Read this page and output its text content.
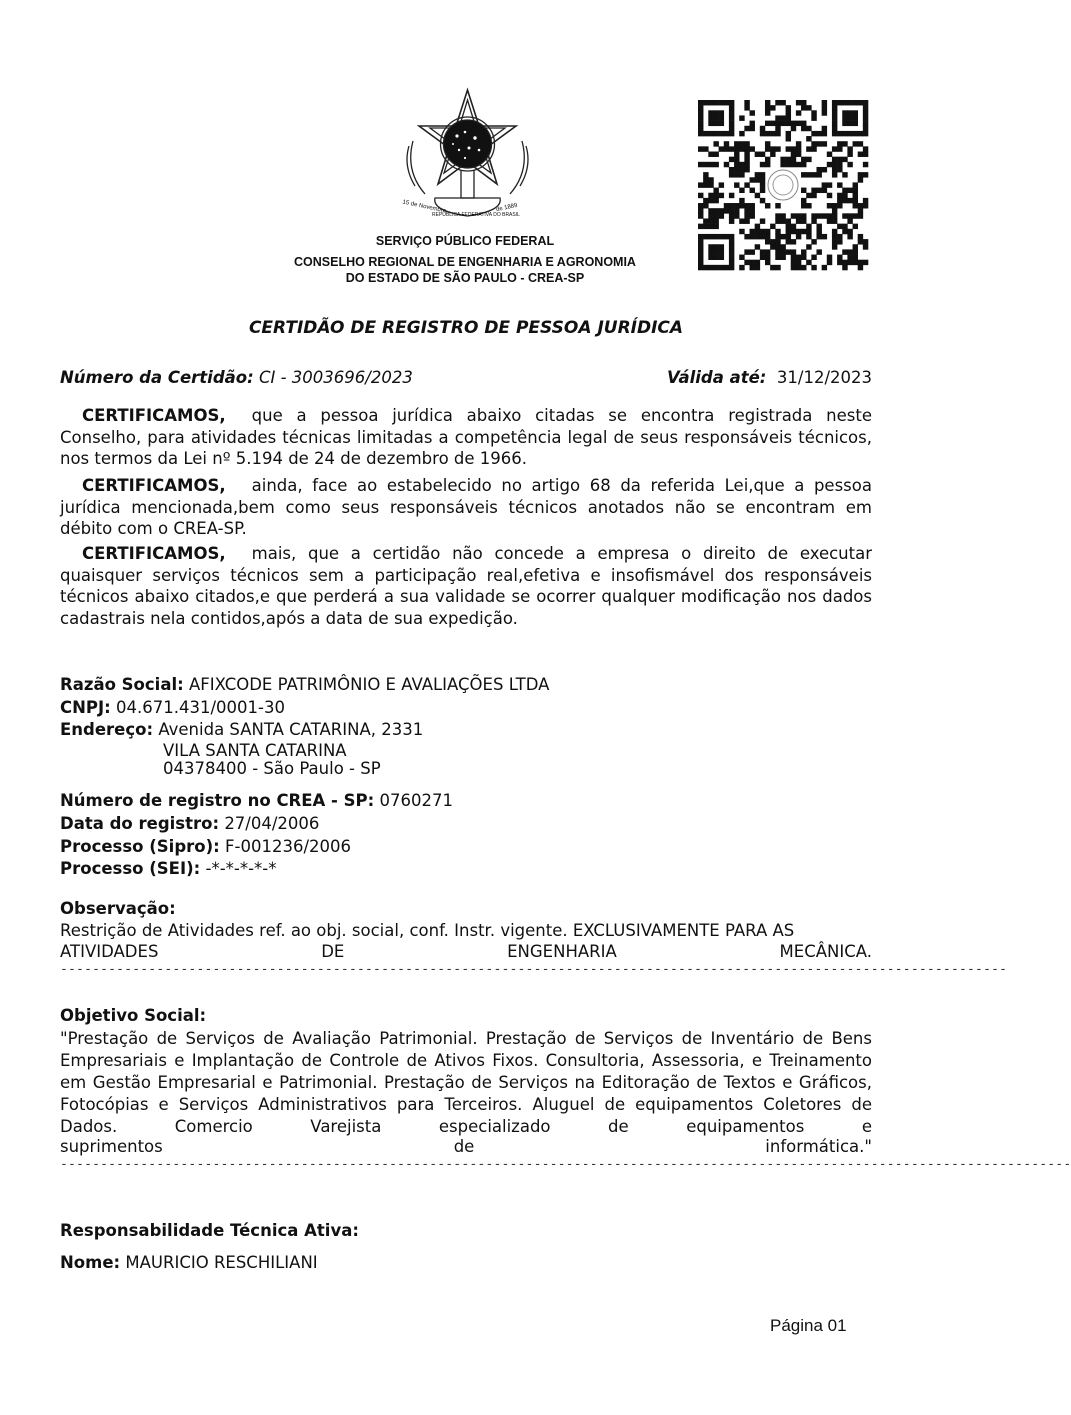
15 de Novembro
REPÚBLICA FEDERATIVA DO BRASIL
de 1889
SERVIÇO PÚBLICO FEDERAL
CONSELHO REGIONAL DE ENGENHARIA E AGRONOMIA
DO ESTADO DE SÃO PAULO - CREA-SP
CERTIDÃO DE REGISTRO DE PESSOA JURÍDICA
Número da Certidão: CI - 3003696/2023	Válida até: 31/12/2023
CERTIFICAMOS, que a pessoa jurídica abaixo citadas se encontra registrada neste Conselho, para atividades técnicas limitadas a competência legal de seus responsáveis técnicos, nos termos da Lei nº 5.194 de 24 de dezembro de 1966.
CERTIFICAMOS, ainda, face ao estabelecido no artigo 68 da referida Lei,que a pessoa jurídica mencionada,bem como seus responsáveis técnicos anotados não se encontram em débito com o CREA-SP.
CERTIFICAMOS, mais, que a certidão não concede a empresa o direito de executar quaisquer serviços técnicos sem a participação real,efetiva e insofismável dos responsáveis técnicos abaixo citados,e que perderá a sua validade se ocorrer qualquer modificação nos dados cadastrais nela contidos,após a data de sua expedição.
Razão Social: AFIXCODE PATRIMÔNIO E AVALIAÇÕES LTDA
CNPJ: 04.671.431/0001-30
Endereço: Avenida SANTA CATARINA, 2331
VILA SANTA CATARINA
04378400 - São Paulo - SP
Número de registro no CREA - SP: 0760271
Data do registro: 27/04/2006
Processo (Sipro): F-001236/2006
Processo (SEI): -*-*-*-*-*
Observação:
Restrição de Atividades ref. ao obj. social, conf. Instr. vigente. EXCLUSIVAMENTE PARA AS
ATIVIDADES	DE	ENGENHARIA	MECÂNICA.
----------------------------------------------------------------------------------------------------------------------
Objetivo Social:
"Prestação de Serviços de Avaliação Patrimonial. Prestação de Serviços de Inventário de Bens Empresariais e Implantação de Controle de Ativos Fixos. Consultoria, Assessoria, e Treinamento em Gestão Empresarial e Patrimonial. Prestação de Serviços na Editoração de Textos e Gráficos, Fotocópias e Serviços Administrativos para Terceiros. Aluguel de equipamentos Coletores de Dados. Comercio Varejista especializado de equipamentos e
suprimentos	de	informática."
------------------------------------------------------------------------------------------------------------------------------
Responsabilidade Técnica Ativa:
Nome: MAURICIO RESCHILIANI
Página 01
